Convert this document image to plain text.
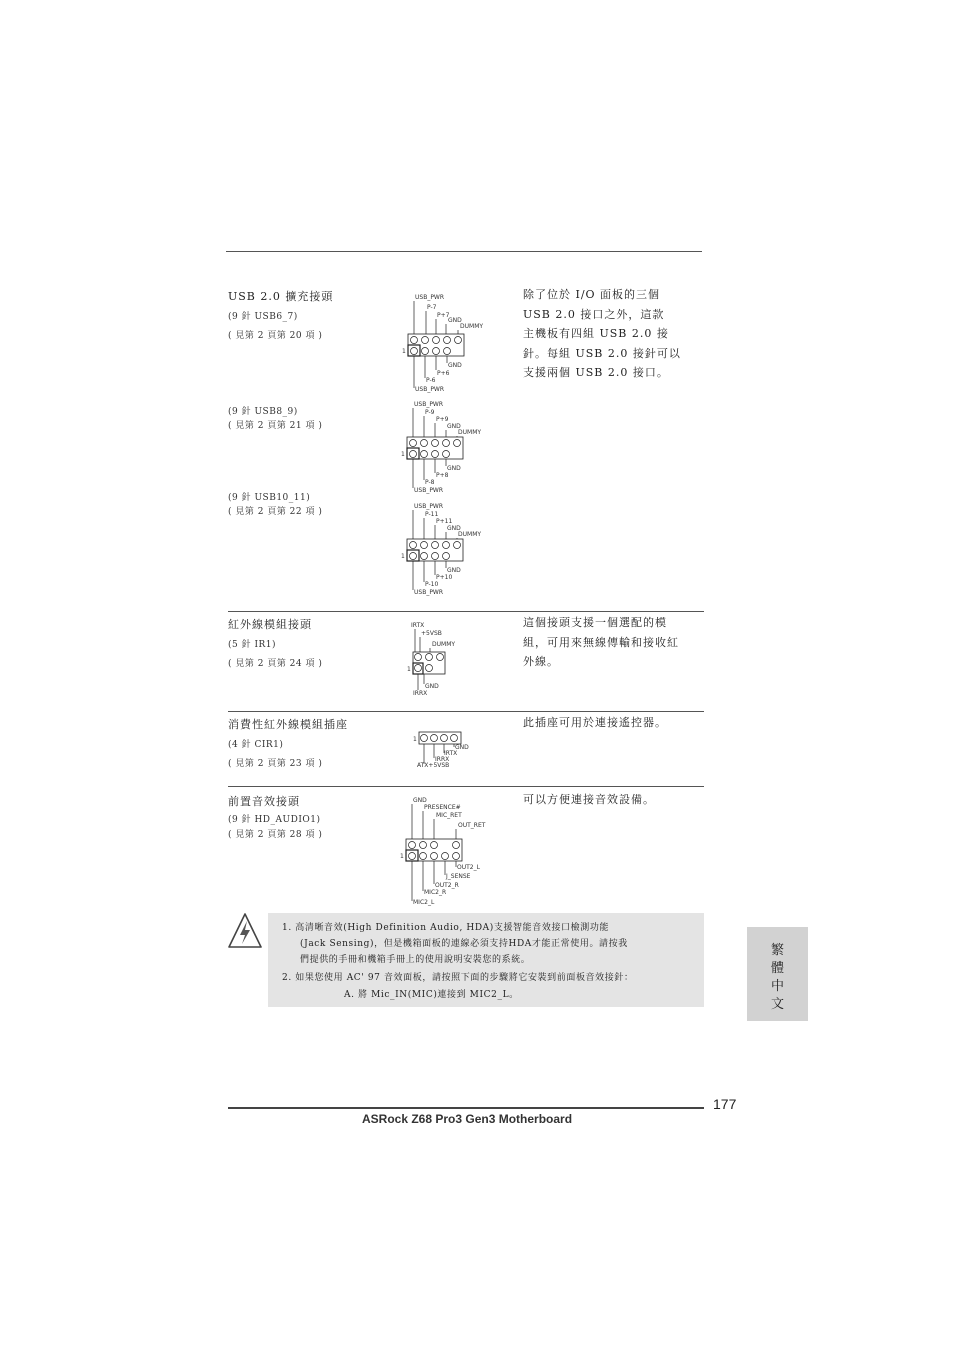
USB 2.0 擴充接頭
(9 針 USB6_7)
( 見第 2 頁第 20 項 )
(9 針 USB8_9)
( 見第 2 頁第 21 項 )
(9 針 USB10_11)
( 見第 2 頁第 22 項 )
除了位於 I/O 面板的三個
USB 2.0 接口之外，這款
主機板有四組 USB 2.0 接
針。每組 USB 2.0 接針可以
支援兩個 USB 2.0 接口。
USB_PWR
P-7
P+7
GND
DUMMY
1
GND
P+6
P-6
USB_PWR
USB_PWR
P-9
P+9
GND
DUMMY
1
GND
P+8
P-8
USB_PWR
USB_PWR
P-11
P+11
GND
DUMMY
1
GND
P+10
P-10
USB_PWR
紅外線模組接頭
(5 針 IR1)
( 見第 2 頁第 24 項 )
這個接頭支援一個選配的模
組，可用來無線傳輸和接收紅
外線。
IRTX
+5VSB
DUMMY
1
GND
IRRX
消費性紅外線模組插座
(4 針 CIR1)
( 見第 2 頁第 23 項 )
此插座可用於連接遙控器。
1
GND
IRTX
IRRX
ATX+5VSB
前置音效接頭
(9 針 HD_AUDIO1)
( 見第 2 頁第 28 項 )
可以方便連接音效設備。
GND
PRESENCE#
MIC_RET
OUT_RET
1
OUT2_L
J_SENSE
OUT2_R
MIC2_R
MIC2_L
1. 高清晰音效(High Definition Audio, HDA)支援智能音效接口檢測功能
(Jack Sensing)，但是機箱面板的連線必須支持HDA才能正常使用。請按我
們提供的手冊和機箱手冊上的使用說明安裝您的系統。
2. 如果您使用 AC' 97 音效面板，請按照下面的步驟將它安裝到前面板音效接針：
A. 將 Mic_IN(MIC)連接到 MIC2_L。
繁
體
中
文
177
ASRock Z68 Pro3 Gen3 Motherboard
